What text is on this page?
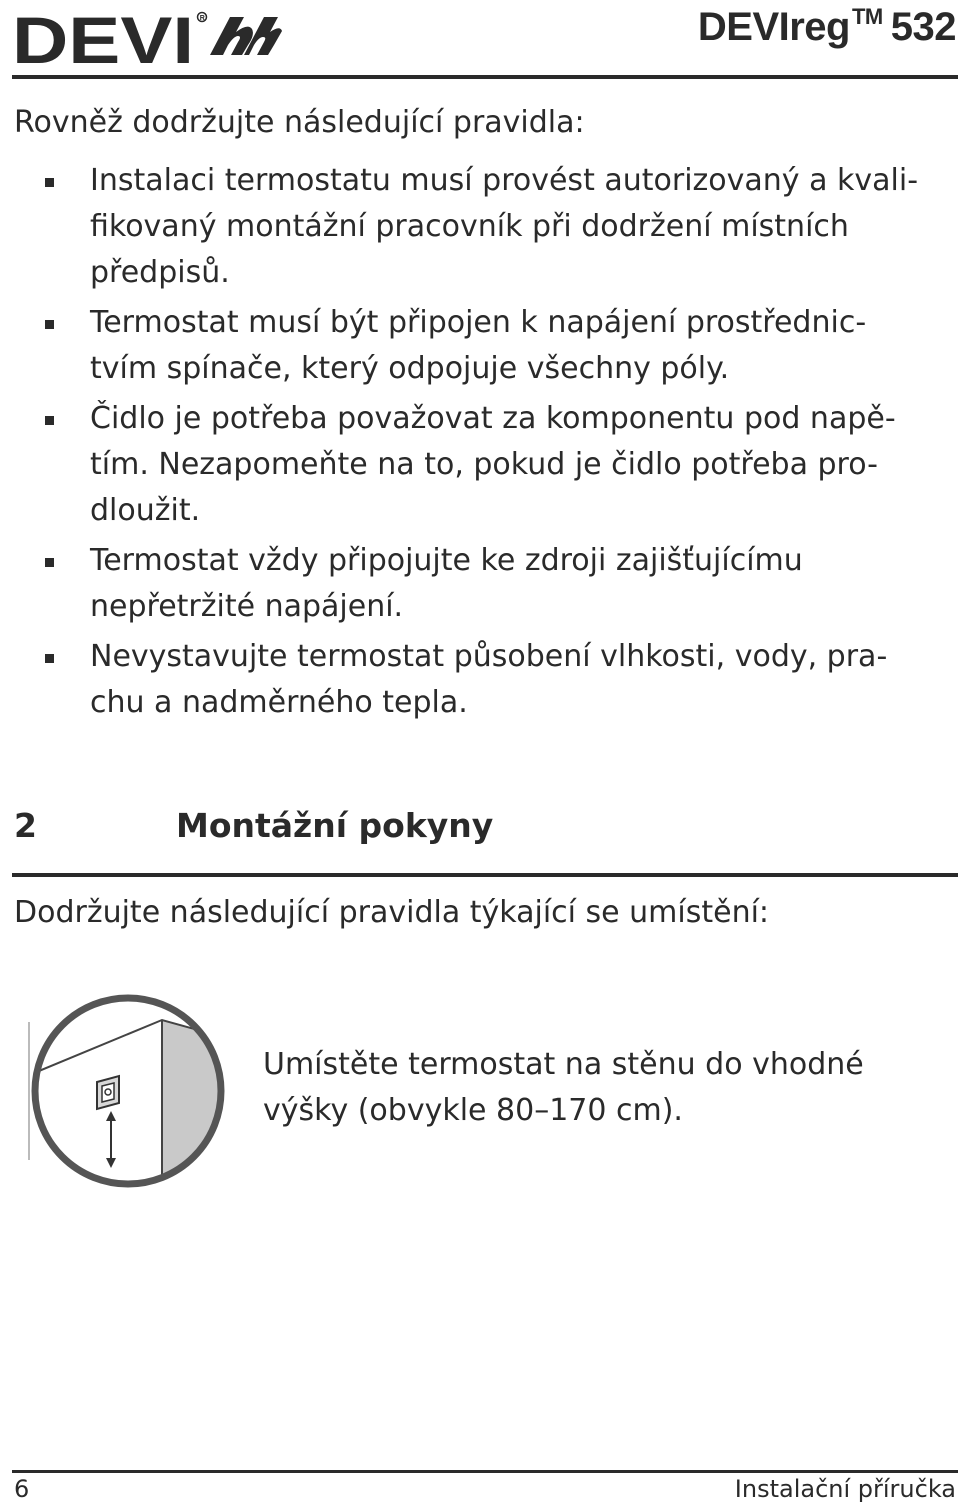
DEVI R	DEVIreg™ 532
Rovněž dodržujte následující pravidla:
Instalaci termostatu musí provést autorizovaný a kvali-
fikovaný montážní pracovník při dodržení místních
předpisů.
Termostat musí být připojen k napájení prostřednic-
tvím spínače, který odpojuje všechny póly.
Čidlo je potřeba považovat za komponentu pod napě-
tím. Nezapomeňte na to, pokud je čidlo potřeba pro-
dloužit.
Termostat vždy připojujte ke zdroji zajišťujícímu
nepřetržité napájení.
Nevystavujte termostat působení vlhkosti, vody, pra-
chu a nadměrného tepla.
2	Montážní pokyny
Dodržujte následující pravidla týkající se umístění:
Umístěte termostat na stěnu do vhodné
výšky (obvykle 80–170 cm).
6	Instalační příručka
